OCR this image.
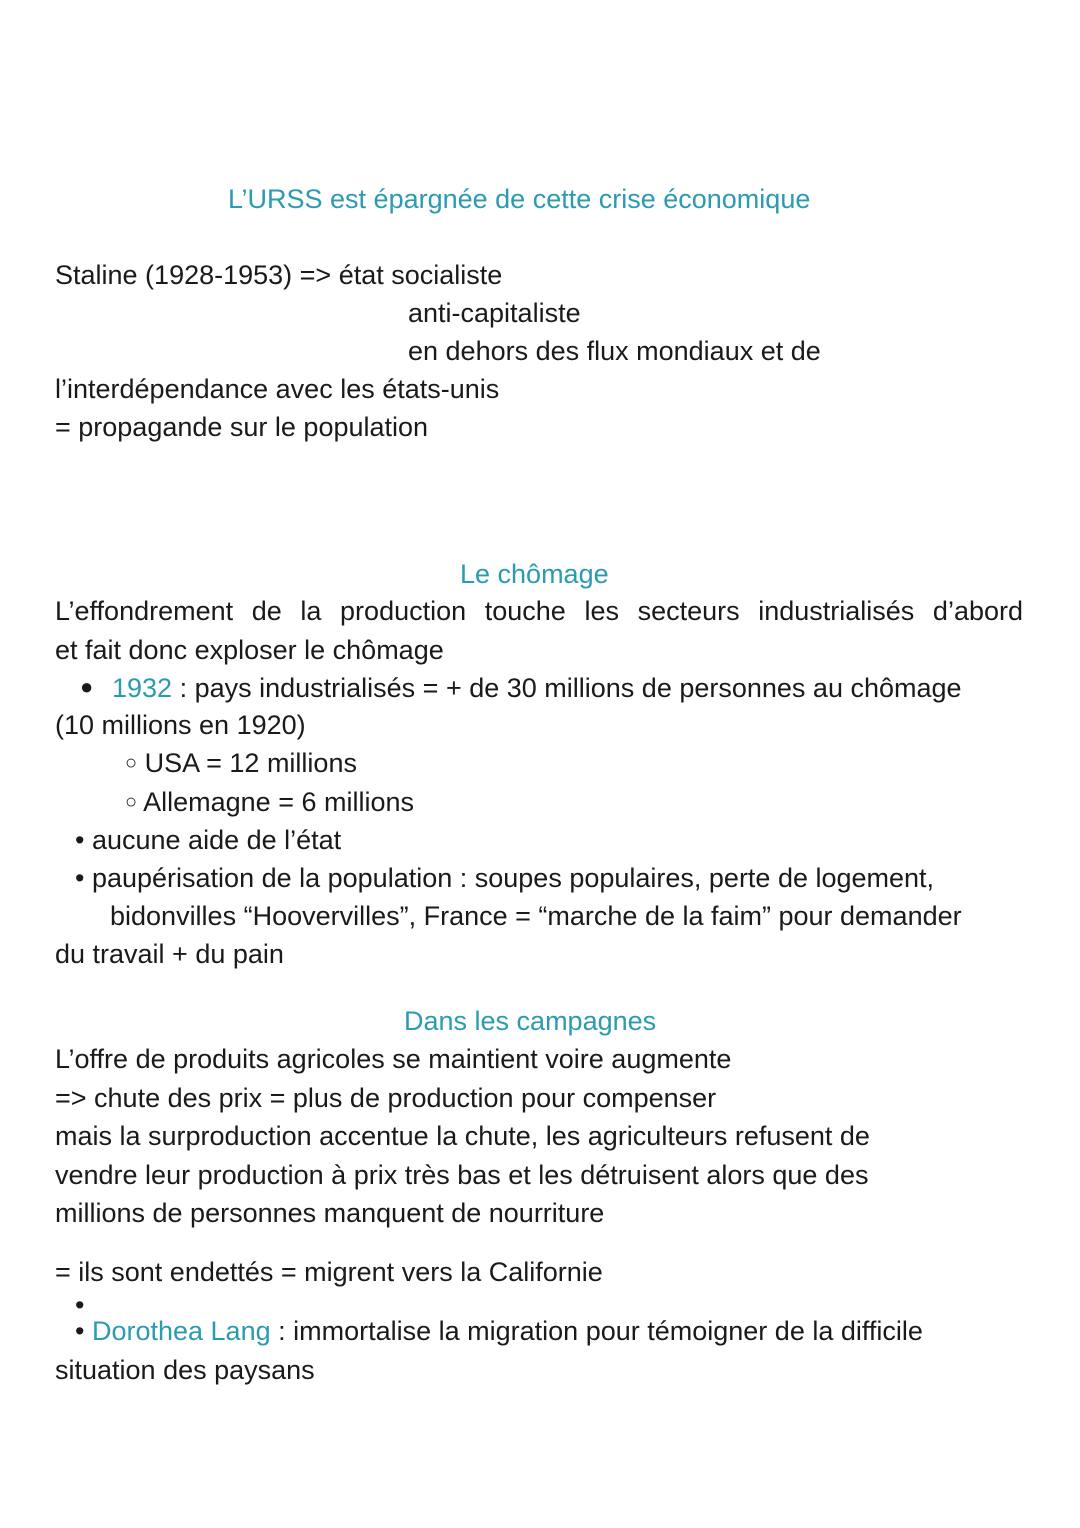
L’URSS est épargnée de cette crise économique
Staline (1928-1953) => état socialiste
anti-capitaliste
en dehors des flux mondiaux et de
l’interdépendance avec les états-unis
= propagande sur le population
Le chômage
L’effondrement de la production touche les secteurs industrialisés d’abord
et fait donc exploser le chômage
● 1932 : pays industrialisés = + de 30 millions de personnes au chômage
(10 millions en 1920)
○ USA = 12 millions
○ Allemagne = 6 millions
• aucune aide de l’état
• paupérisation de la population : soupes populaires, perte de logement,
bidonvilles “Hoovervilles”, France = “marche de la faim” pour demander
du travail + du pain
Dans les campagnes
L’offre de produits agricoles se maintient voire augmente
=> chute des prix = plus de production pour compenser
mais la surproduction accentue la chute, les agriculteurs refusent de
vendre leur production à prix très bas et les détruisent alors que des
millions de personnes manquent de nourriture
= ils sont endettés = migrent vers la Californie
•
• Dorothea Lang : immortalise la migration pour témoigner de la difficile
situation des paysans
